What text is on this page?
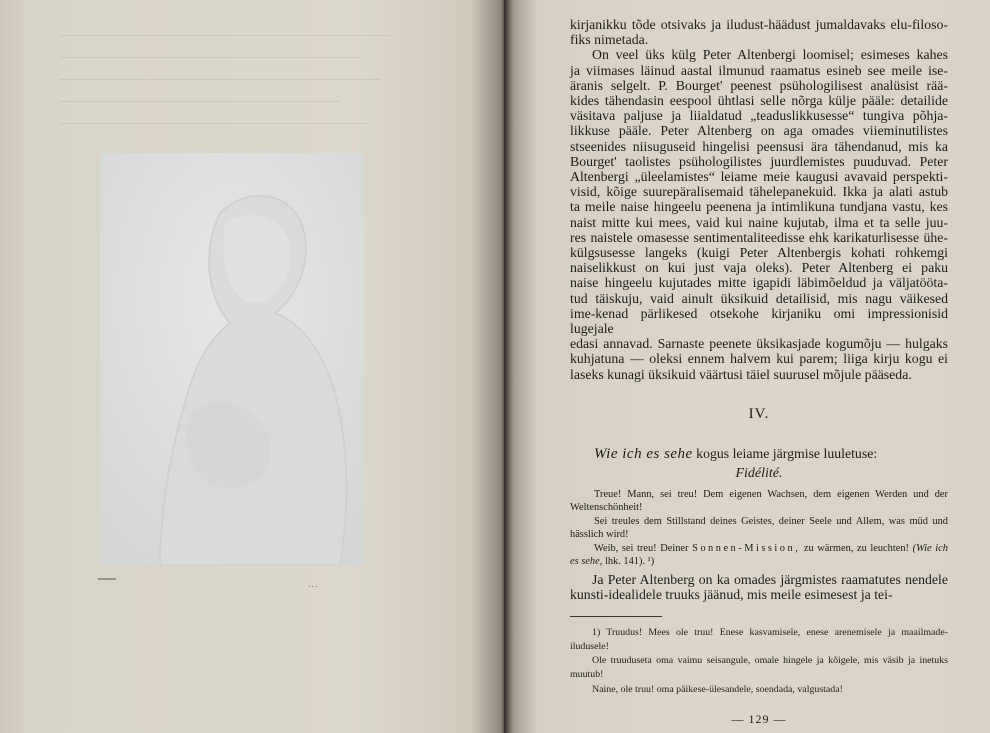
...

kirjanikku tõde otsivaks ja iludust-häädust jumaldavaks elu-filoso-

fiks nimetada.

On veel üks külg Peter Altenbergi loomisel; esimeses kahes

ja viimases läinud aastal ilmunud raamatus esineb see meile ise-

äranis selgelt. P. Bourget' peenest psühologilisest analüsist rää-

kides tähendasin eespool ühtlasi selle nõrga külje pääle: detailide

väsitava paljuse ja liialdatud „teaduslikkusesse“ tungiva põhja-

likkuse pääle. Peter Altenberg on aga omades viieminutilistes

stseenides niisuguseid hingelisi peensusi ära tähendanud, mis ka

Bourget' taolistes psühologilistes juurdlemistes puuduvad. Peter

Altenbergi „üleelamistes“ leiame meie kaugusi avavaid perspekti-

visid, kõige suurepäralisemaid tähelepanekuid. Ikka ja alati astub

ta meile naise hingeelu peenena ja intimlikuna tundjana vastu, kes

naist mitte kui mees, vaid kui naine kujutab, ilma et ta selle juu-

res naistele omasesse sentimentaliteedisse ehk karikaturlisesse ühe-

külgsusesse langeks (kuigi Peter Altenbergis kohati rohkemgi

naiselikkust on kui just vaja oleks). Peter Altenberg ei paku

naise hingeelu kujutades mitte igapidi läbimõeldud ja väljatööta-

tud täiskuju, vaid ainult üksikuid detailisid, mis nagu väikesed

ime-kenad pärlikesed otsekohe kirjaniku omi impressionisid lugejale

edasi annavad. Sarnaste peenete üksikasjade kogumõju — hulgaks

kuhjatuna — oleksi ennem halvem kui parem; liiga kirju kogu ei

laseks kunagi üksikuid väärtusi täiel suurusel mõjule pääseda.

IV.
Wie ich es sehe kogus leiame järgmise luuletuse:
Fidélité.

Treue! Mann, sei treu! Dem eigenen Wachsen, dem eigenen Werden und der Weltenschönheit!

Sei treules dem Stillstand deines Geistes, deiner Seele und Allem, was müd und hässlich wird!

Weib, sei treu! Deiner Sonnen-Mission, zu wärmen, zu leuchten! (Wie ich es sehe, lhk. 141). ¹)

Ja Peter Altenberg on ka omades järgmistes raamatutes nendele kunsti-idealidele truuks jäänud, mis meile esimesest ja tei-

1) Truudus! Mees ole truu! Enese kasvamisele, enese arenemisele ja maailmade-iludusele!

Ole truuduseta oma vaimu seisangule, omale hingele ja kõigele, mis väsib ja inetuks muutub!

Naine, ole truu! oma päikese-ülesandele, soendada, valgustada!

— 129 —
